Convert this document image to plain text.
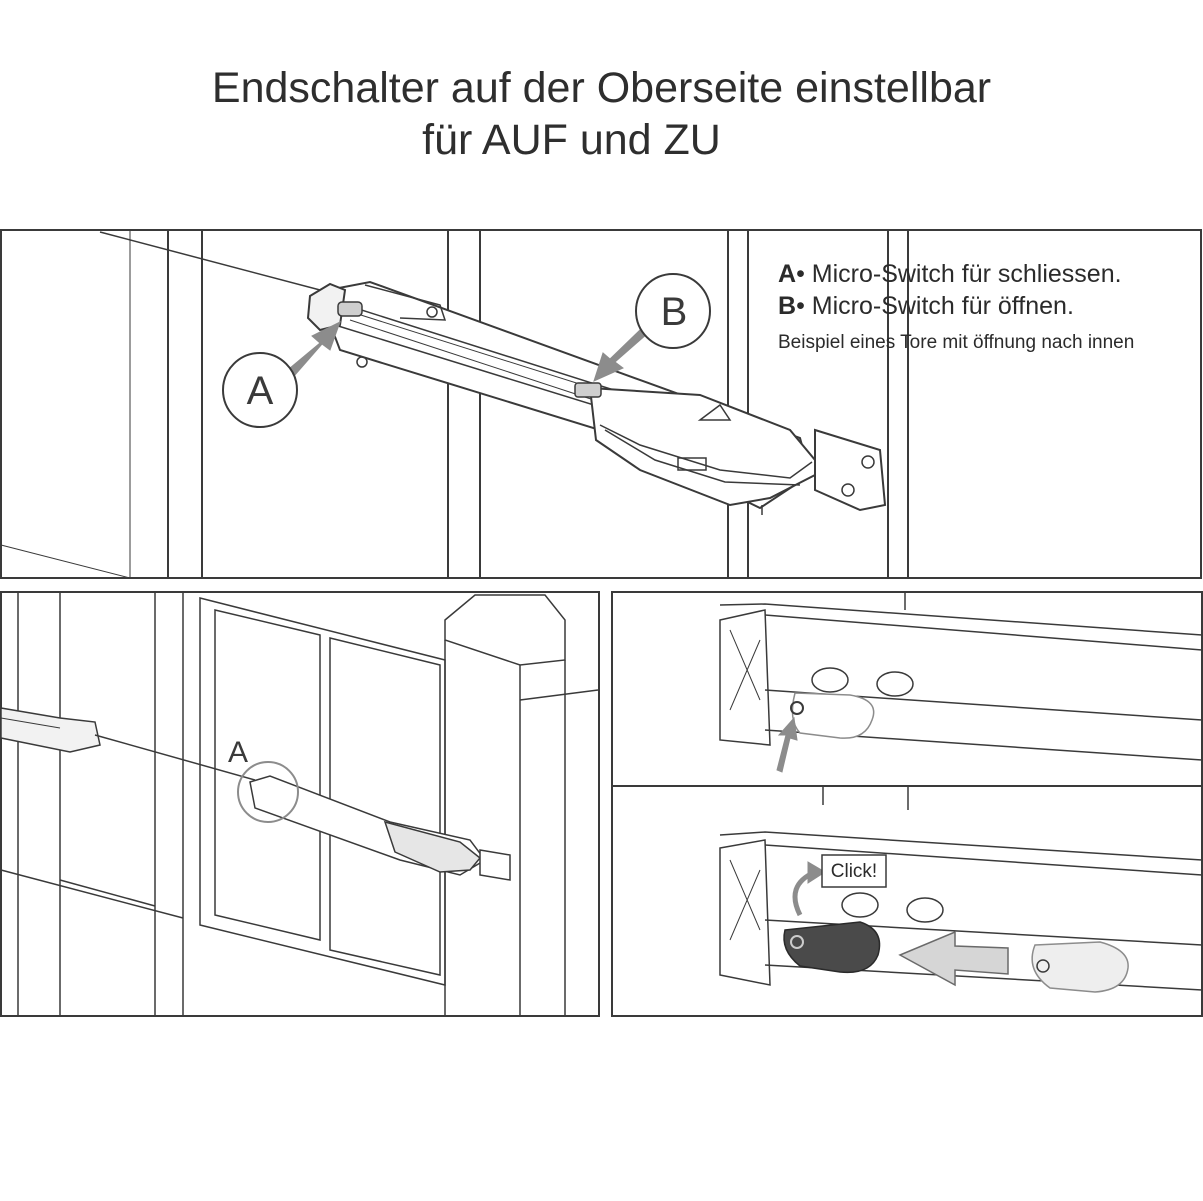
Endschalter auf der Oberseite einstellbar
für AUF und ZU
A
B
A
Click!
A• Micro-Switch für schliessen.
B• Micro-Switch für öffnen.
Beispiel eines Tore mit öffnung nach innen
